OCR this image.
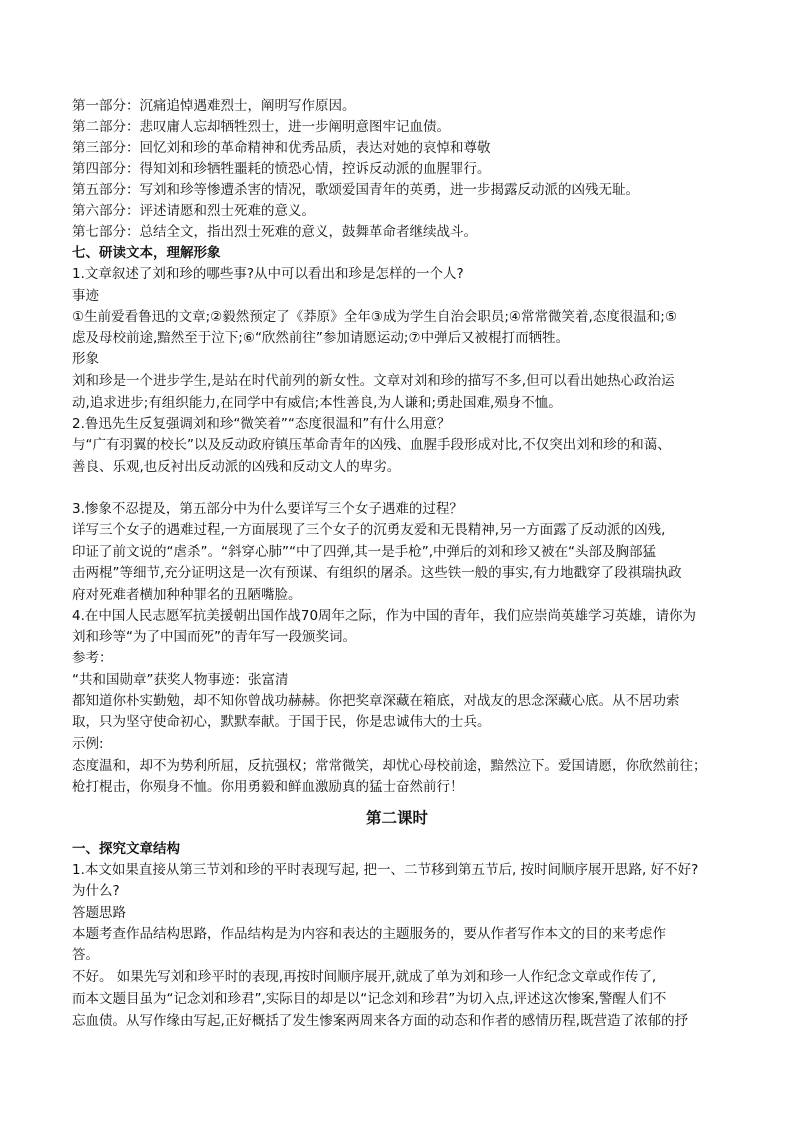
第一部分：沉痛追悼遇难烈士，阐明写作原因。
第二部分：悲叹庸人忘却牺牲烈士，进一步阐明意图牢记血债。
第三部分：回忆刘和珍的革命精神和优秀品质，表达对她的哀悼和尊敬
第四部分：得知刘和珍牺牲噩耗的愤恐心情，控诉反动派的血腥罪行。
第五部分：写刘和珍等惨遭杀害的情况，歌颂爱国青年的英勇，进一步揭露反动派的凶残无耻。
第六部分：评述请愿和烈士死难的意义。
第七部分：总结全文，指出烈士死难的意义，鼓舞革命者继续战斗。
七、研读文本，理解形象
1.文章叙述了刘和珍的哪些事?从中可以看出和珍是怎样的一个人?
事迹
①生前爱看鲁迅的文章;②毅然预定了《莽原》全年③成为学生自治会职员;④常常微笑着,态度很温和;⑤
虑及母校前途,黯然至于泣下;⑥“欣然前往”参加请愿运动;⑦中弹后又被棍打而牺牲。
形象
刘和珍是一个进步学生,是站在时代前列的新女性。文章对刘和珍的描写不多,但可以看出她热心政治运
动,追求进步;有组织能力,在同学中有威信;本性善良,为人谦和;勇赴国难,殒身不恤。
2.鲁迅先生反复强调刘和珍“微笑着”“态度很温和”有什么用意？
与“广有羽翼的校长”以及反动政府镇压革命青年的凶残、血腥手段形成对比,不仅突出刘和珍的和蔼、
善良、乐观,也反衬出反动派的凶残和反动文人的卑劣。
3.惨象不忍提及，第五部分中为什么要详写三个女子遇难的过程？
详写三个女子的遇难过程,一方面展现了三个女子的沉勇友爱和无畏精神,另一方面露了反动派的凶残,
印证了前文说的“虐杀”。“斜穿心肺”“中了四弹,其一是手枪”,中弹后的刘和珍又被在“头部及胸部猛
击两棍”等细节,充分证明这是一次有预谋、有组织的屠杀。这些铁一般的事实,有力地戳穿了段祺瑞执政
府对死难者横加种种罪名的丑陋嘴脸。
4.在中国人民志愿军抗美援朝出国作战70周年之际，作为中国的青年，我们应崇尚英雄学习英雄，请你为
刘和珍等“为了中国而死”的青年写一段颁奖词。
参考：
“共和国勋章”获奖人物事迹：张富清
都知道你朴实勤勉，却不知你曾战功赫赫。你把奖章深藏在箱底，对战友的思念深藏心底。从不居功索
取，只为坚守使命初心，默默奉献。于国于民，你是忠诚伟大的士兵。
示例:
态度温和，却不为势利所屈，反抗强权；常常微笑，却忧心母校前途，黯然泣下。爱国请愿，你欣然前往；
枪打棍击，你殒身不恤。你用勇毅和鲜血激励真的猛士奋然前行！
第二课时
一、探究文章结构
1.本文如果直接从第三节刘和珍的平时表现写起, 把一、二节移到第五节后, 按时间顺序展开思路, 好不好?
为什么?
答题思路
本题考查作品结构思路，作品结构是为内容和表达的主题服务的，要从作者写作本文的目的来考虑作
答。
不好。 如果先写刘和珍平时的表现,再按时间顺序展开,就成了单为刘和珍一人作纪念文章或作传了,
而本文题目虽为“记念刘和珍君”,实际目的却是以“记念刘和珍君”为切入点,评述这次惨案,警醒人们不
忘血债。从写作缘由写起,正好概括了发生惨案两周来各方面的动态和作者的感情历程,既营造了浓郁的抒
